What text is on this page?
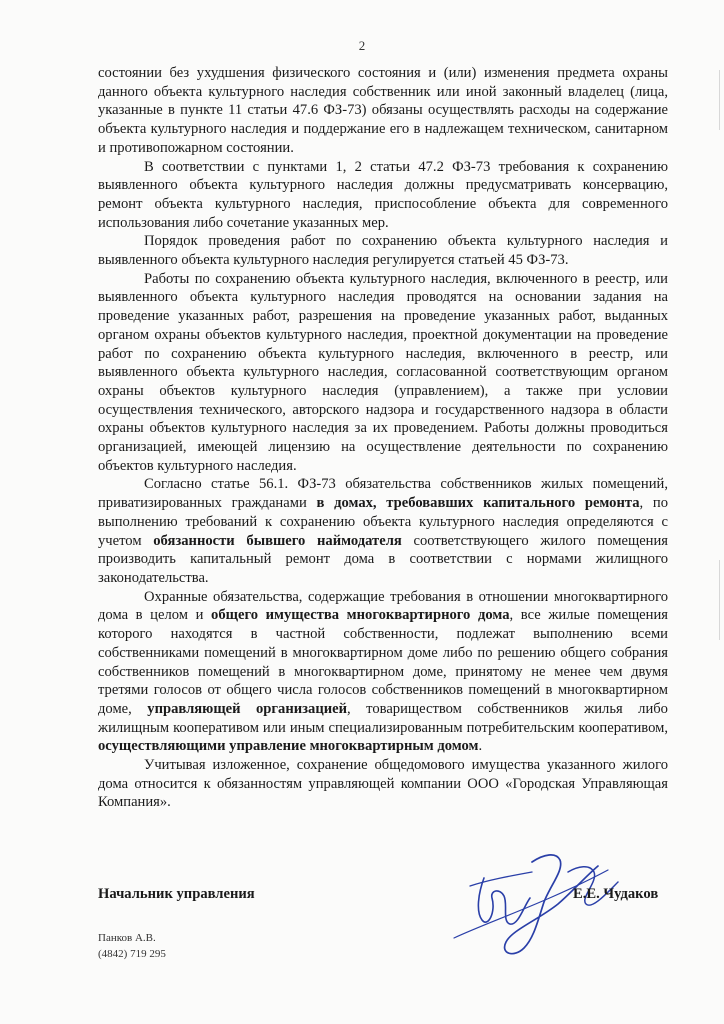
2

состоянии без ухудшения физического состояния и (или) изменения предмета охраны данного объекта культурного наследия собственник или иной законный владелец (лица, указанные в пункте 11 статьи 47.6 ФЗ-73) обязаны осуществлять расходы на содержание объекта культурного наследия и поддержание его в надлежащем техническом, санитарном и противопожарном состоянии.

В соответствии с пунктами 1, 2 статьи 47.2 ФЗ-73 требования к сохранению выявленного объекта культурного наследия должны предусматривать консервацию, ремонт объекта культурного наследия, приспособление объекта для современного использования либо сочетание указанных мер.

Порядок проведения работ по сохранению объекта культурного наследия и выявленного объекта культурного наследия регулируется статьей 45 ФЗ-73.

Работы по сохранению объекта культурного наследия, включенного в реестр, или выявленного объекта культурного наследия проводятся на основании задания на проведение указанных работ, разрешения на проведение указанных работ, выданных органом охраны объектов культурного наследия, проектной документации на проведение работ по сохранению объекта культурного наследия, включенного в реестр, или выявленного объекта культурного наследия, согласованной соответствующим органом охраны объектов культурного наследия (управлением), а также при условии осуществления технического, авторского надзора и государственного надзора в области охраны объектов культурного наследия за их проведением. Работы должны проводиться организацией, имеющей лицензию на осуществление деятельности по сохранению объектов культурного наследия.

Согласно статье 56.1. ФЗ-73 обязательства собственников жилых помещений, приватизированных гражданами в домах, требовавших капитального ремонта, по выполнению требований к сохранению объекта культурного наследия определяются с учетом обязанности бывшего наймодателя соответствующего жилого помещения производить капитальный ремонт дома в соответствии с нормами жилищного законодательства.

Охранные обязательства, содержащие требования в отношении многоквартирного дома в целом и общего имущества многоквартирного дома, все жилые помещения которого находятся в частной собственности, подлежат выполнению всеми собственниками помещений в многоквартирном доме либо по решению общего собрания собственников помещений в многоквартирном доме, принятому не менее чем двумя третями голосов от общего числа голосов собственников помещений в многоквартирном доме, управляющей организацией, товариществом собственников жилья либо жилищным кооперативом или иным специализированным потребительским кооперативом, осуществляющими управление многоквартирным домом.

Учитывая изложенное, сохранение общедомового имущества указанного жилого дома относится к обязанностям управляющей компании ООО «Городская Управляющая Компания».

Начальник управления	Е.Е. Чудаков
Панков А.В.
(4842) 719 295
